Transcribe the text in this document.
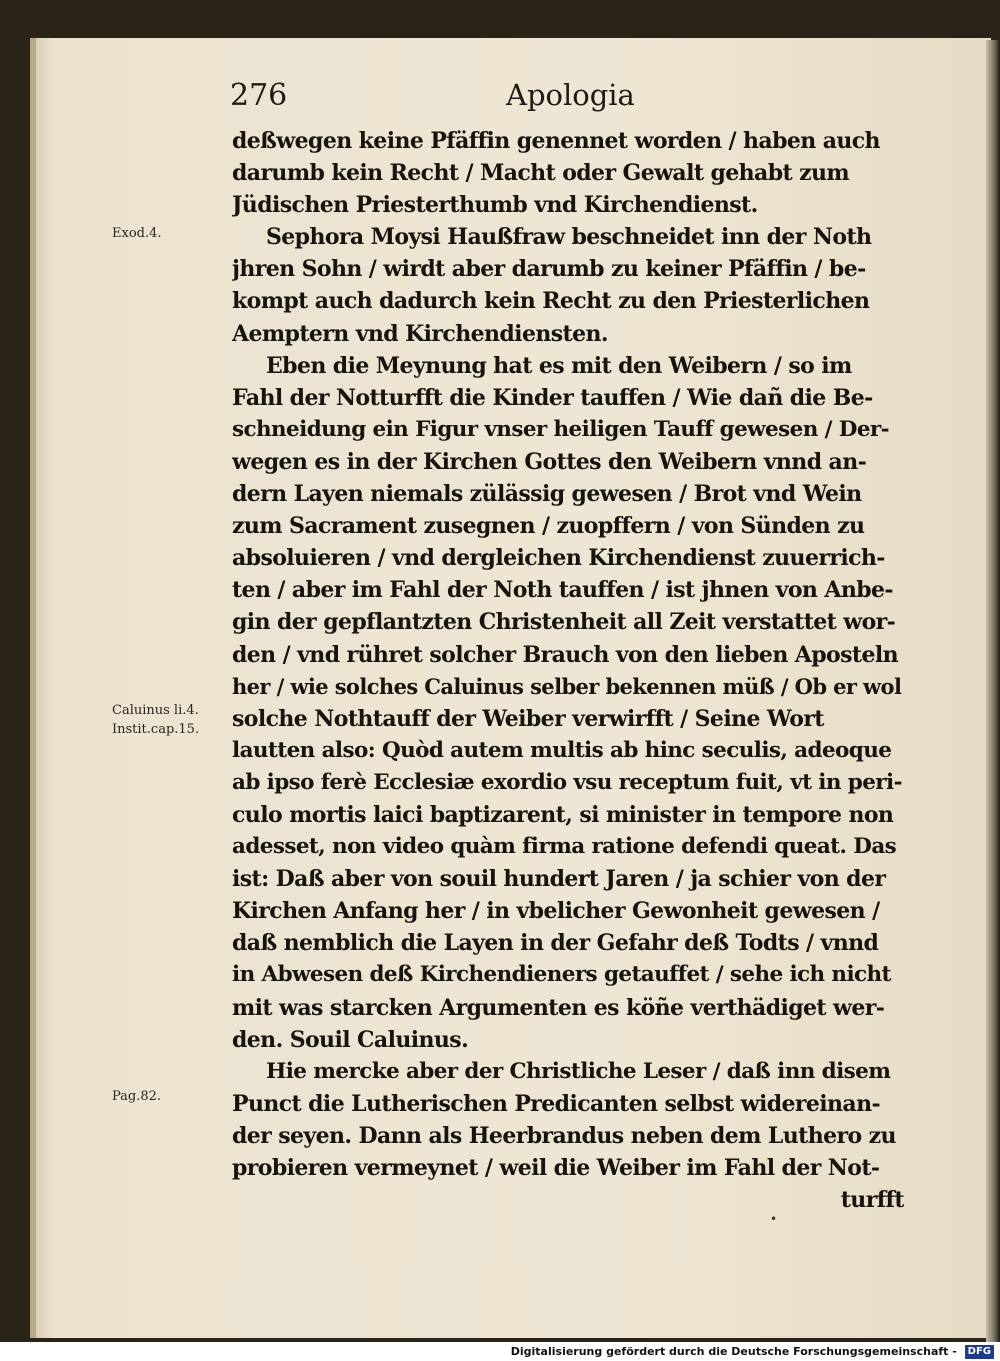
276	Apologia
Exod.4.
Caluinus li.4.
Instit.cap.15.
Pag.82.
deßwegen keine Pfäffin genennet worden / haben auch
darumb kein Recht / Macht oder Gewalt gehabt zum
Jüdischen Priesterthumb vnd Kirchendienst.
Sephora Moysi Haußfraw beschneidet inn der Noth
jhren Sohn / wirdt aber darumb zu keiner Pfäffin / be-
kompt auch dadurch kein Recht zu den Priesterlichen
Aemptern vnd Kirchendiensten.
Eben die Meynung hat es mit den Weibern / so im
Fahl der Notturfft die Kinder tauffen / Wie dañ die Be-
schneidung ein Figur vnser heiligen Tauff gewesen / Der-
wegen es in der Kirchen Gottes den Weibern vnnd an-
dern Layen niemals zülässig gewesen / Brot vnd Wein
zum Sacrament zusegnen / zuopffern / von Sünden zu
absoluieren / vnd dergleichen Kirchendienst zuuerrich-
ten / aber im Fahl der Noth tauffen / ist jhnen von Anbe-
gin der gepflantzten Christenheit all Zeit verstattet wor-
den / vnd rühret solcher Brauch von den lieben Aposteln
her / wie solches Caluinus selber bekennen müß / Ob er wol
solche Nothtauff der Weiber verwirfft / Seine Wort
lautten also: Quòd autem multis ab hinc seculis, adeoque
ab ipso ferè Ecclesiæ exordio vsu receptum fuit, vt in peri-
culo mortis laici baptizarent, si minister in tempore non
adesset, non video quàm firma ratione defendi queat. Das
ist: Daß aber von souil hundert Jaren / ja schier von der
Kirchen Anfang her / in vbelicher Gewonheit gewesen /
daß nemblich die Layen in der Gefahr deß Todts / vnnd
in Abwesen deß Kirchendieners getauffet / sehe ich nicht
mit was starcken Argumenten es köñe verthädiget wer-
den. Souil Caluinus.
Hie mercke aber der Christliche Leser / daß inn disem
Punct die Lutherischen Predicanten selbst widereinan-
der seyen. Dann als Heerbrandus neben dem Luthero zu
probieren vermeynet / weil die Weiber im Fahl der Not-
turfft
•
Digitalisierung gefördert durch die Deutsche Forschungsgemeinschaft - DFG
